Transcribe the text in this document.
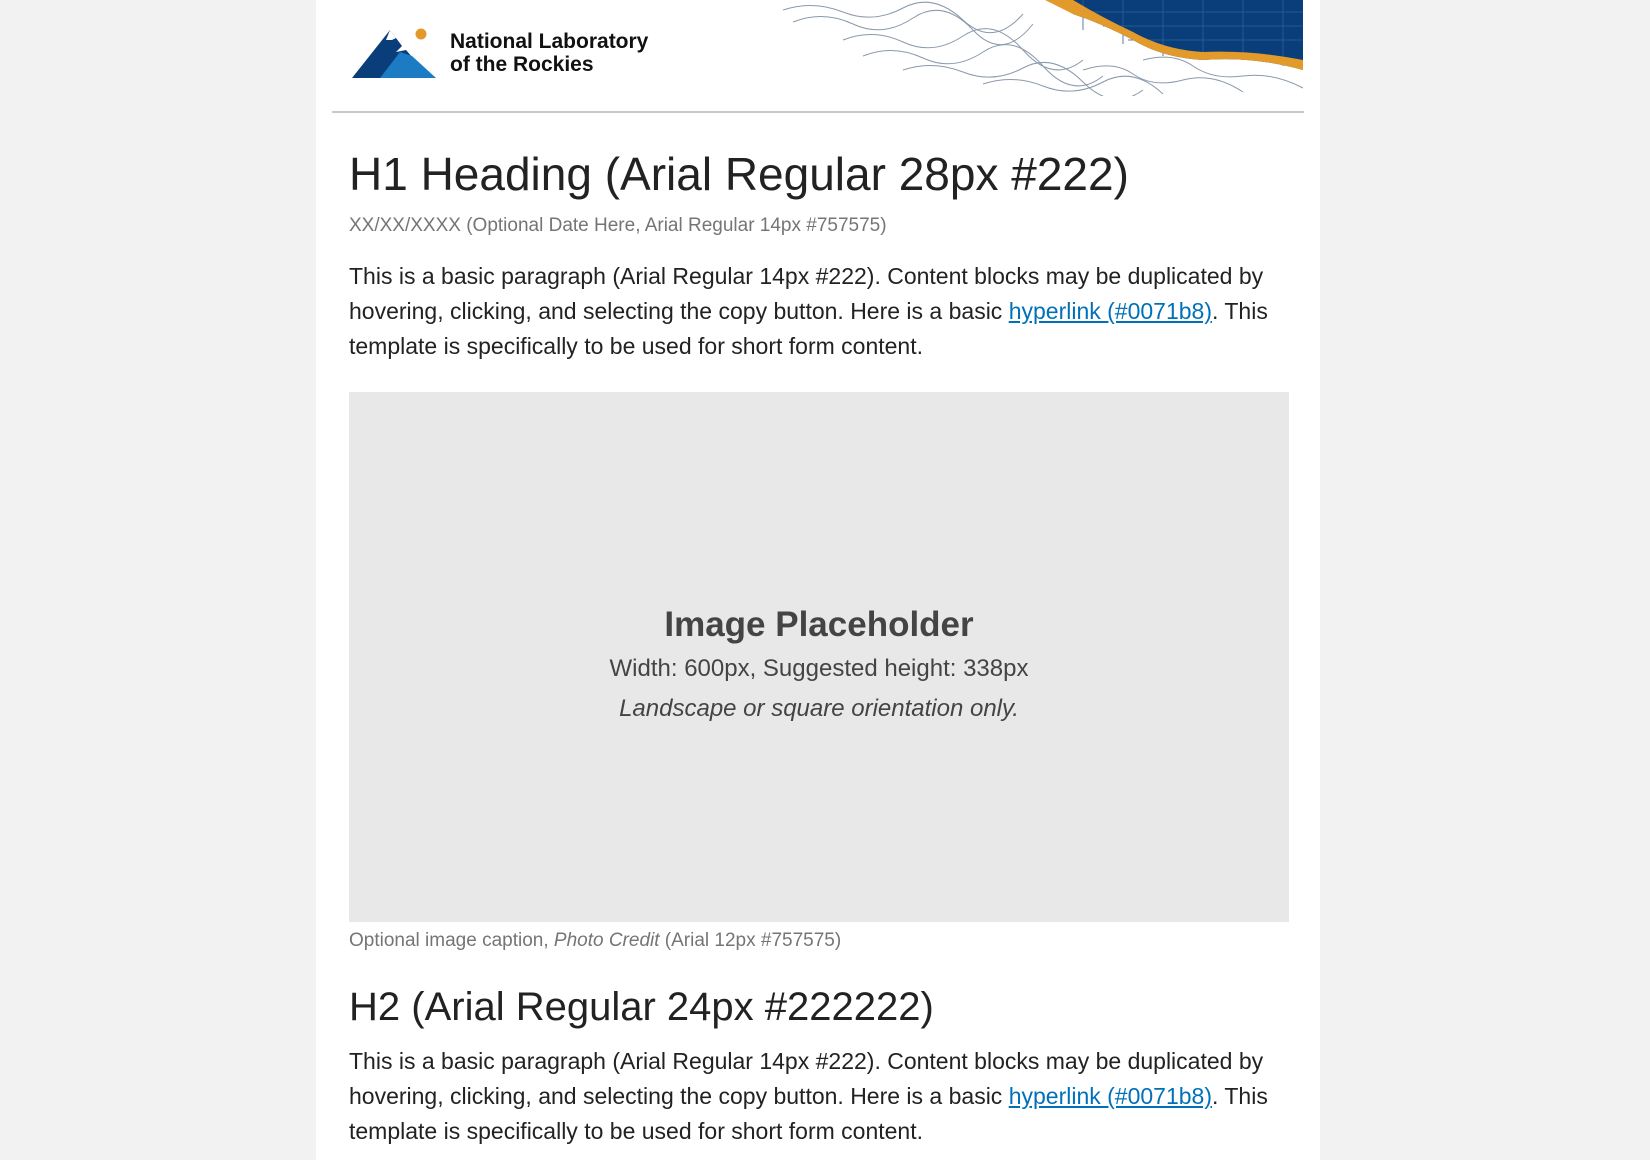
National Laboratory
of the Rockies
H1 Heading (Arial Regular 28px #222)
XX/XX/XXXX (Optional Date Here, Arial Regular 14px #757575)

This is a basic paragraph (Arial Regular 14px #222). Content blocks may be duplicated by hovering, clicking, and selecting the copy button. Here is a basic hyperlink (#0071b8). This template is specifically to be used for short form content.

Image Placeholder
Width: 600px, Suggested height: 338px
Landscape or square orientation only.
Optional image caption, Photo Credit (Arial 12px #757575)
H2 (Arial Regular 24px #222222)

This is a basic paragraph (Arial Regular 14px #222). Content blocks may be duplicated by hovering, clicking, and selecting the copy button. Here is a basic hyperlink (#0071b8). This template is specifically to be used for short form content.
